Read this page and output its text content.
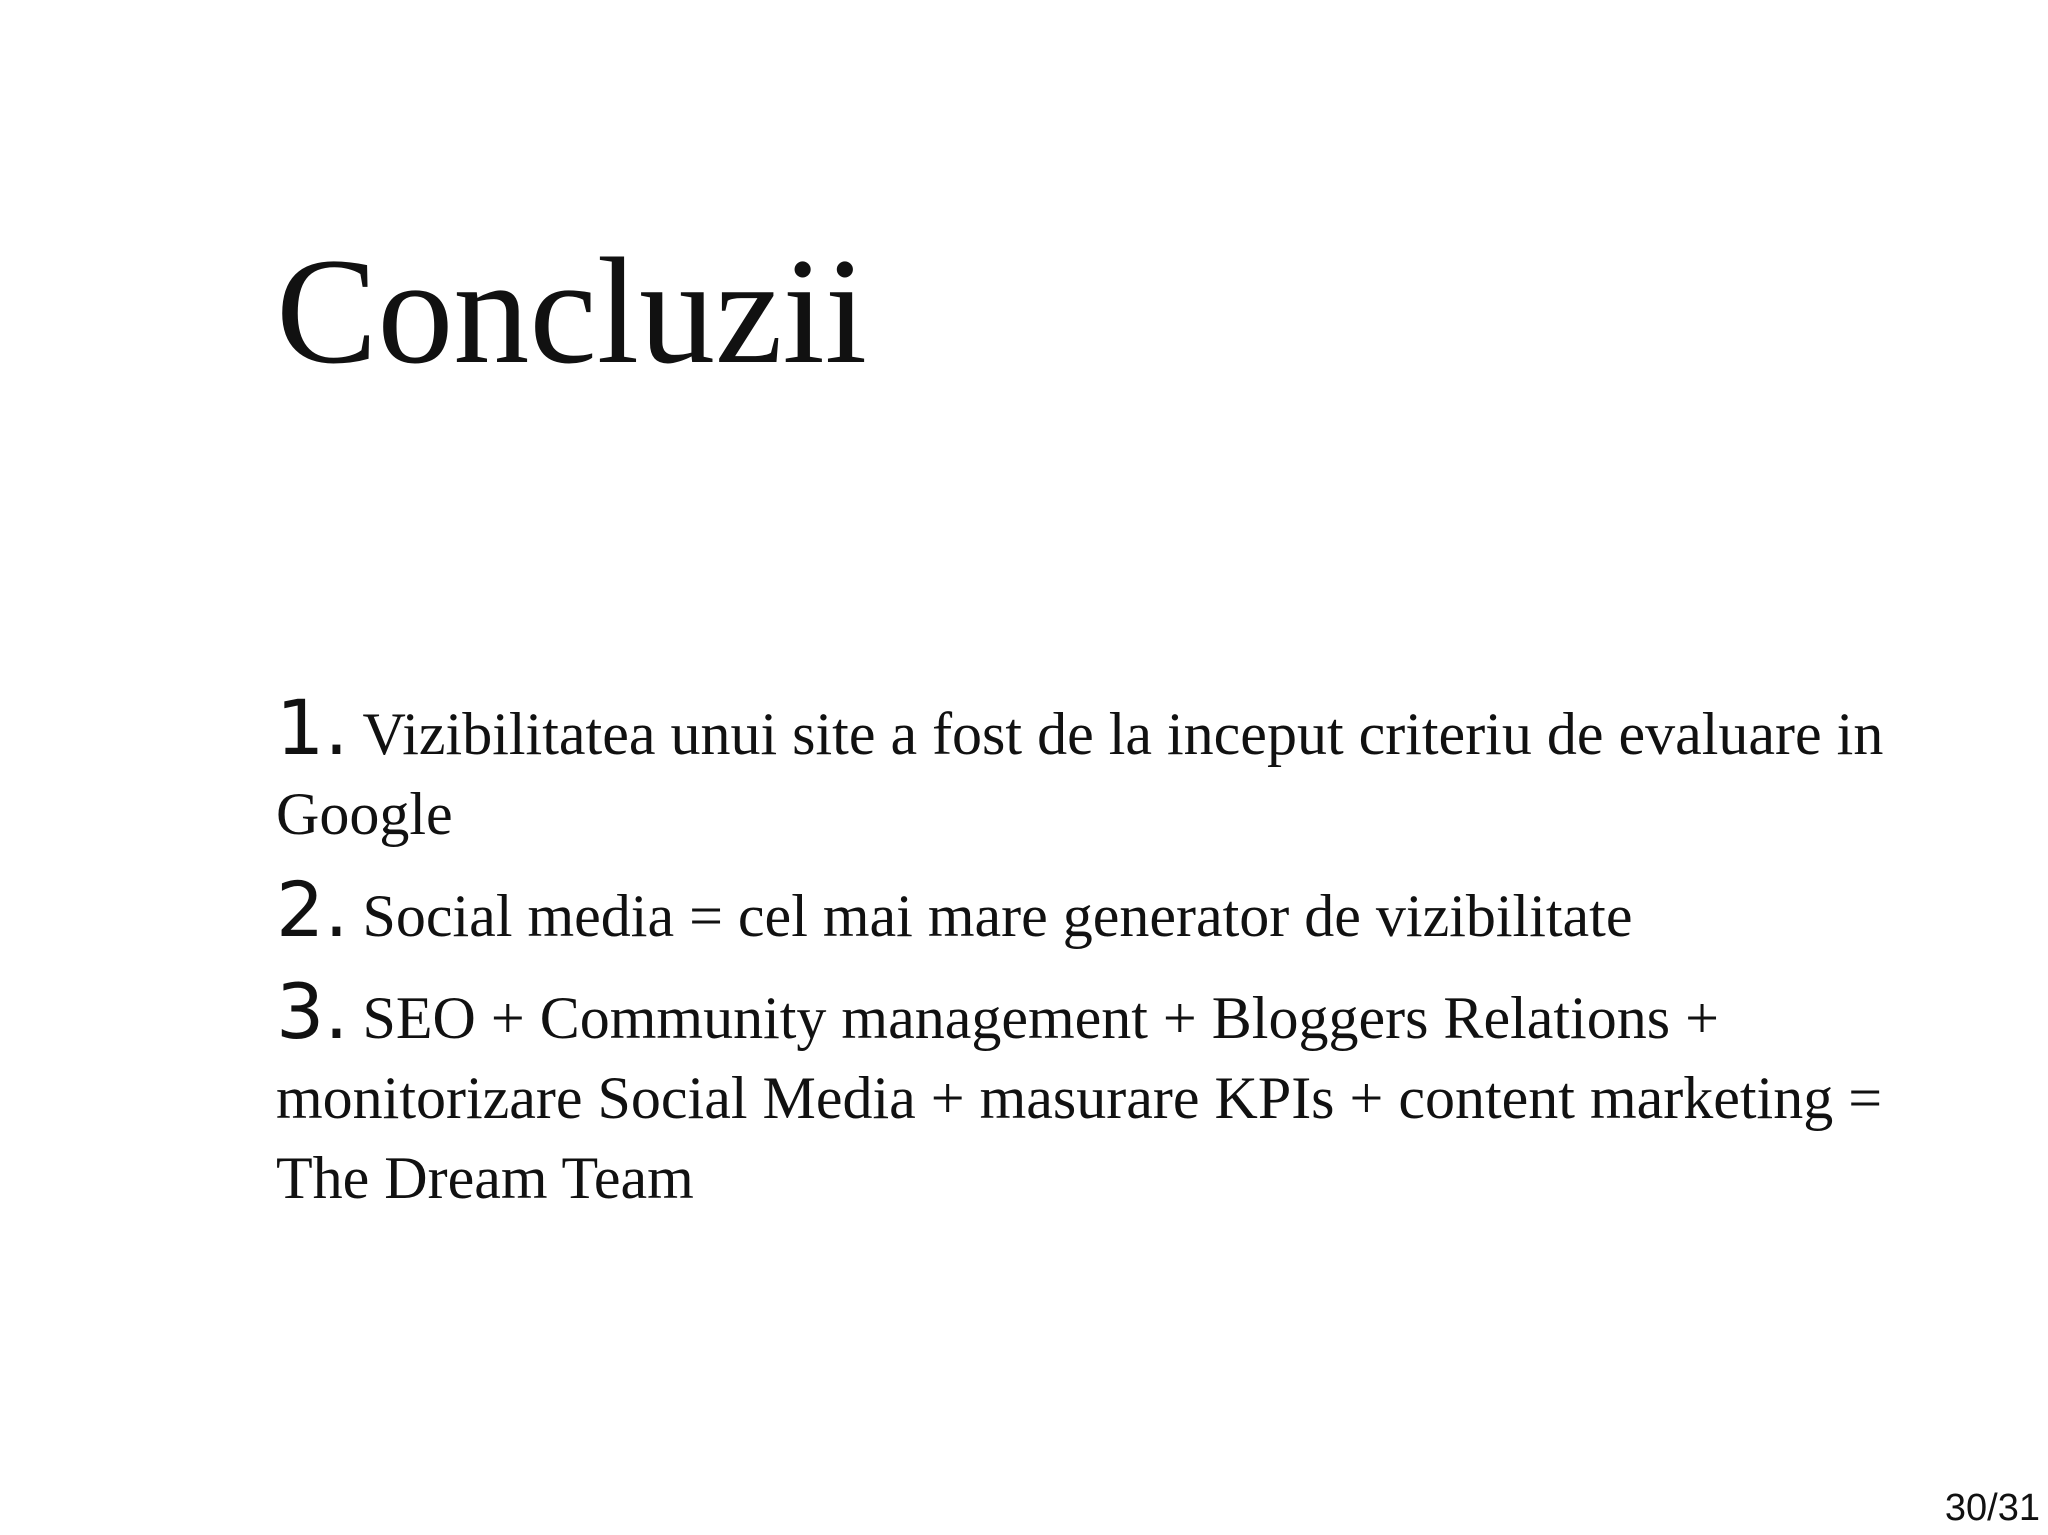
Concluzii
1. Vizibilitatea unui site a fost de la inceput criteriu de evaluare in Google
2. Social media = cel mai mare generator de vizibilitate
3. SEO + Community management + Bloggers Relations + monitorizare Social Media + masurare KPIs + content marketing = The Dream Team
30/31
